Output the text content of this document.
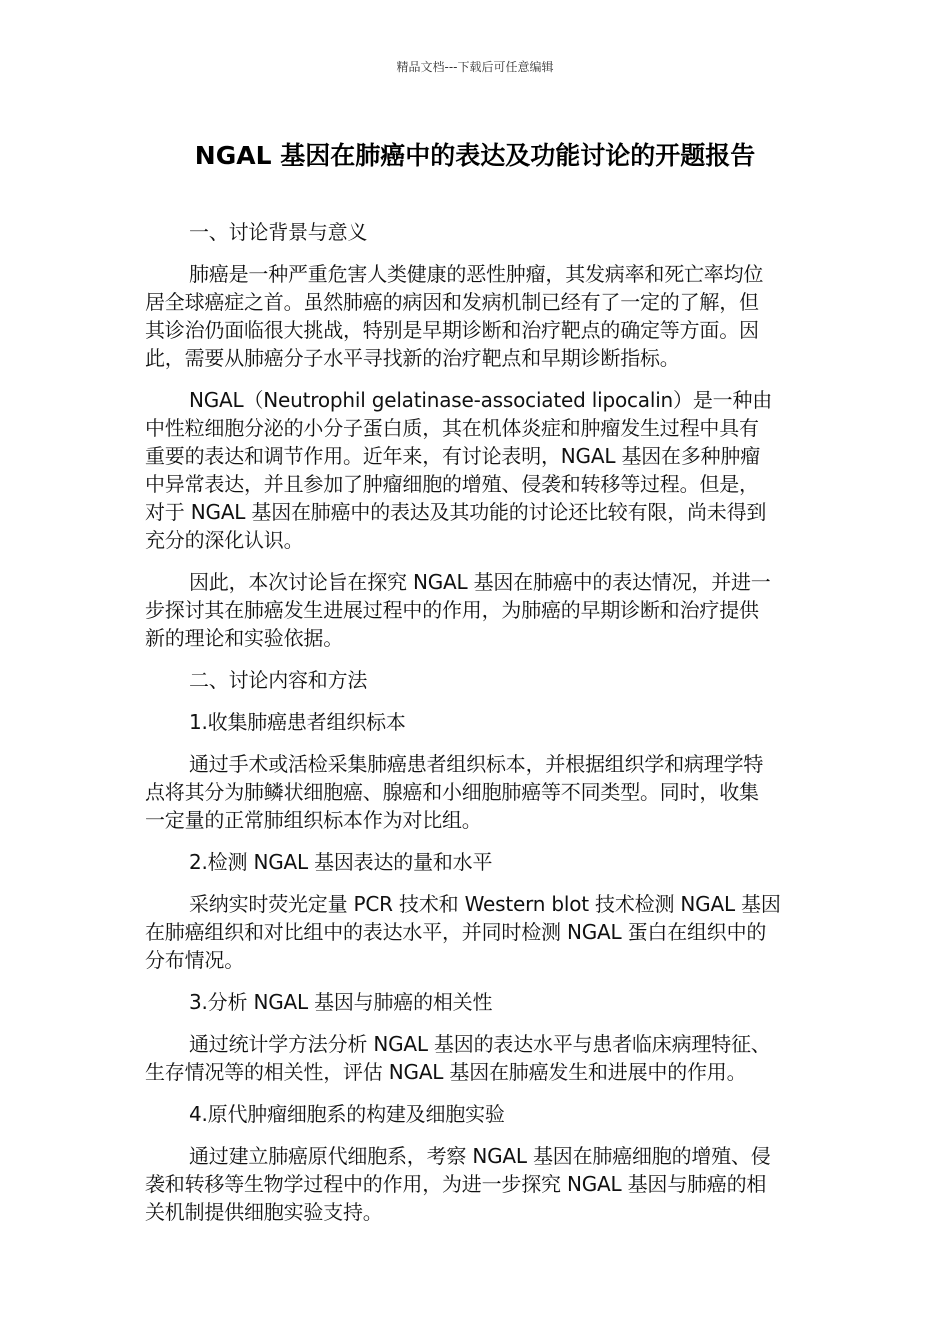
精品文档---下载后可任意编辑
NGAL 基因在肺癌中的表达及功能讨论的开题报告
一、讨论背景与意义
肺癌是一种严重危害人类健康的恶性肿瘤，其发病率和死亡率均位
居全球癌症之首。虽然肺癌的病因和发病机制已经有了一定的了解，但
其诊治仍面临很大挑战，特别是早期诊断和治疗靶点的确定等方面。因
此，需要从肺癌分子水平寻找新的治疗靶点和早期诊断指标。
NGAL（Neutrophil gelatinase-associated lipocalin）是一种由
中性粒细胞分泌的小分子蛋白质，其在机体炎症和肿瘤发生过程中具有
重要的表达和调节作用。近年来，有讨论表明，NGAL 基因在多种肿瘤
中异常表达，并且参加了肿瘤细胞的增殖、侵袭和转移等过程。但是，
对于 NGAL 基因在肺癌中的表达及其功能的讨论还比较有限，尚未得到
充分的深化认识。
因此，本次讨论旨在探究 NGAL 基因在肺癌中的表达情况，并进一
步探讨其在肺癌发生进展过程中的作用，为肺癌的早期诊断和治疗提供
新的理论和实验依据。
二、讨论内容和方法
1.收集肺癌患者组织标本
通过手术或活检采集肺癌患者组织标本，并根据组织学和病理学特
点将其分为肺鳞状细胞癌、腺癌和小细胞肺癌等不同类型。同时，收集
一定量的正常肺组织标本作为对比组。
2.检测 NGAL 基因表达的量和水平
采纳实时荧光定量 PCR 技术和 Western blot 技术检测 NGAL 基因
在肺癌组织和对比组中的表达水平，并同时检测 NGAL 蛋白在组织中的
分布情况。
3.分析 NGAL 基因与肺癌的相关性
通过统计学方法分析 NGAL 基因的表达水平与患者临床病理特征、
生存情况等的相关性，评估 NGAL 基因在肺癌发生和进展中的作用。
4.原代肿瘤细胞系的构建及细胞实验
通过建立肺癌原代细胞系，考察 NGAL 基因在肺癌细胞的增殖、侵
袭和转移等生物学过程中的作用，为进一步探究 NGAL 基因与肺癌的相
关机制提供细胞实验支持。
